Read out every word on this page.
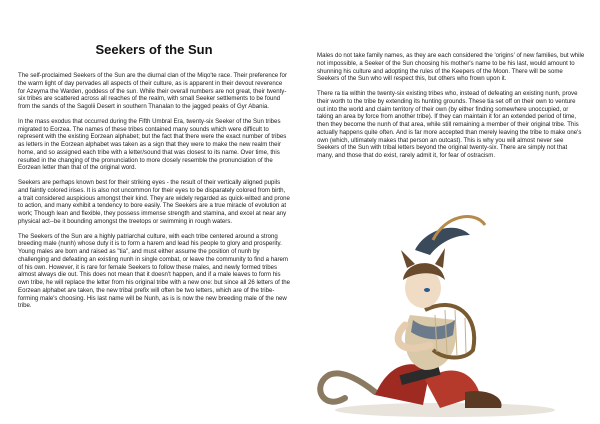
Seekers of the Sun

The self-proclaimed Seekers of the Sun are the diurnal clan of the Miqo'te race. Their preference for the warm light of day pervades all aspects of their culture, as is apparent in their devout reverence for Azeyma the Warden, goddess of the sun. While their overall numbers are not great, their twenty-six tribes are scattered across all reaches of the realm, with small Seeker settlements to be found from the sands of the Sagolii Desert in southern Thanalan to the jagged peaks of Gyr Abania.

In the mass exodus that occurred during the Fifth Umbral Era, twenty-six Seeker of the Sun tribes migrated to Eorzea. The names of these tribes contained many sounds which were difficult to represent with the existing Eorzean alphabet; but the fact that there were the exact number of tribes as letters in the Eorzean alphabet was taken as a sign that they were to make the new realm their home, and so assigned each tribe with a letter/sound that was closest to its name. Over time, this resulted in the changing of the pronunciation to more closely resemble the pronunciation of the Eorzean letter than that of the original word.

Seekers are perhaps known best for their striking eyes - the result of their vertically aligned pupils and faintly colored irises. It is also not uncommon for their eyes to be disparately colored from birth, a trait considered auspicious amongst their kind. They are widely regarded as quick-witted and prone to action, and many exhibit a tendency to bore easily. The Seekers are a true miracle of evolution at work; Though lean and flexible, they possess immense strength and stamina, and excel at near any physical act--be it bounding amongst the treetops or swimming in rough waters.

The Seekers of the Sun are a highly patriarchal culture, with each tribe centered around a strong breeding male (nunh) whose duty it is to form a harem and lead his people to glory and prosperity. Young males are born and raised as "tia", and must either assume the position of nunh by challenging and defeating an existing nunh in single combat, or leave the community to find a harem of his own. However, it is rare for female Seekers to follow these males, and newly formed tribes almost always die out. This does not mean that it doesn't happen, and if a male leaves to form his own tribe, he will replace the letter from his original tribe with a new one: but since all 26 letters of the Eorzean alphabet are taken, the new tribal prefix will often be two letters, which are of the tribe-forming male's choosing. His last name will be Nunh, as is is now the new breeding male of the new tribe.

Males do not take family names, as they are each considered the 'origins' of new families, but while not impossible, a Seeker of the Sun choosing his mother's name to be his last, would amount to shunning his culture and adopting the rules of the Keepers of the Moon. There will be some Seekers of the Sun who will respect this, but others who frown upon it.

There ra tia within the twenty-six existing tribes who, instead of defeating an existing nunh, prove their worth to the tribe by extending its hunting grounds. These tia set off on their own to venture out into the world and claim territory of their own (by either finding somewhere unoccupied, or taking an area by force from another tribe). If they can maintain it for an extended period of time, then they become the nunh of that area, while still remaining a member of their original tribe. This actually happens quite often. And is far more accepted than merely leaving the tribe to make one's own (which, ultimately makes that person an outcast). This is why you will almost never see Seekers of the Sun with tribal letters beyond the original twenty-six. There are simply not that many, and those that do exist, rarely admit it, for fear of ostracism.
